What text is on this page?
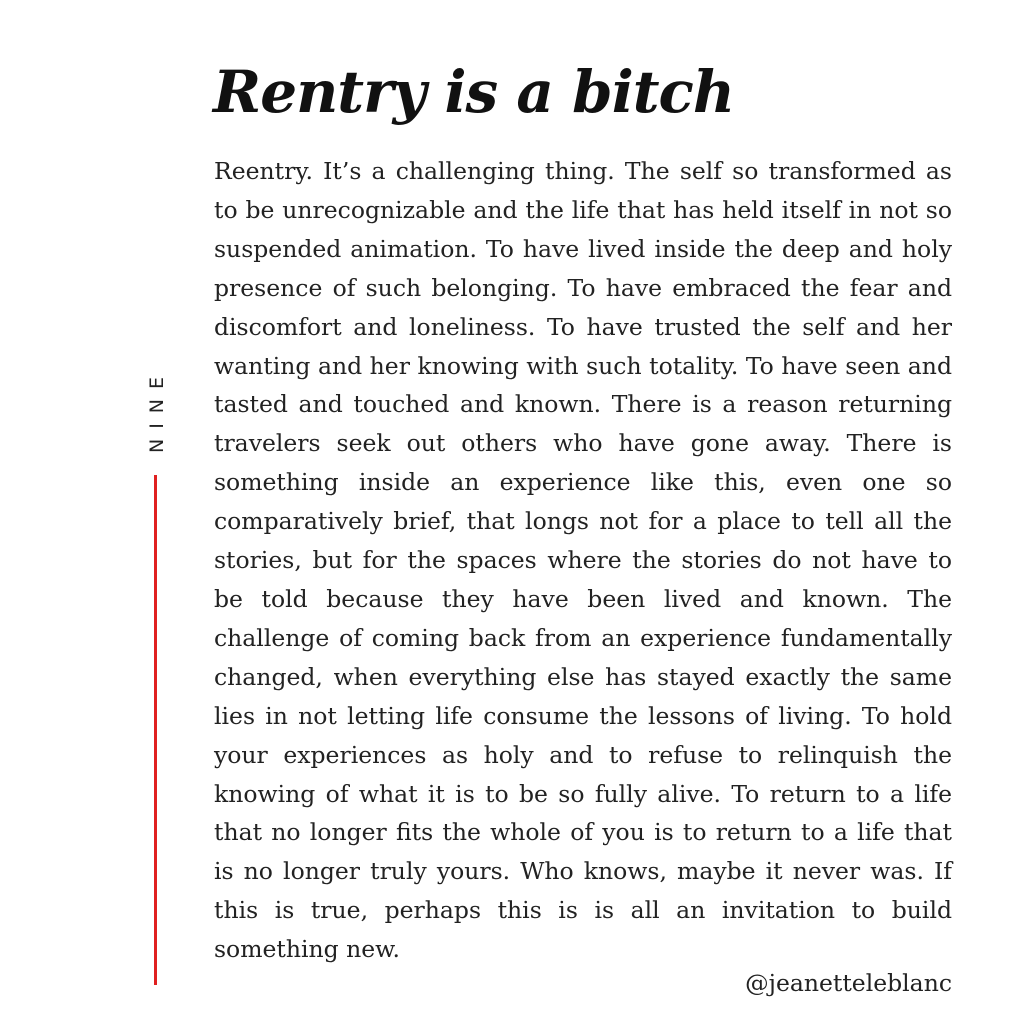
Rentry is a bitch
NINE

Reentry. It’s a challenging thing. The self so transformed as to be unrecognizable and the life that has held itself in not so suspended animation. To have lived inside the deep and holy presence of such belonging. To have embraced the fear and discomfort and loneliness. To have trusted the self and her wanting and her knowing with such totality. To have seen and tasted and touched and known. There is a reason returning travelers seek out others who have gone away. There is something inside an experience like this, even one so comparatively brief, that longs not for a place to tell all the stories, but for the spaces where the stories do not have to be told because they have been lived and known. The challenge of coming back from an experience fundamentally changed, when everything else has stayed exactly the same lies in not letting life consume the lessons of living. To hold your experiences as holy and to refuse to relinquish the knowing of what it is to be so fully alive. To return to a life that no longer fits the whole of you is to return to a life that is no longer truly yours. Who knows, maybe it never was. If this is true, perhaps this is is all an invitation to build something new.

@jeanetteleblanc
